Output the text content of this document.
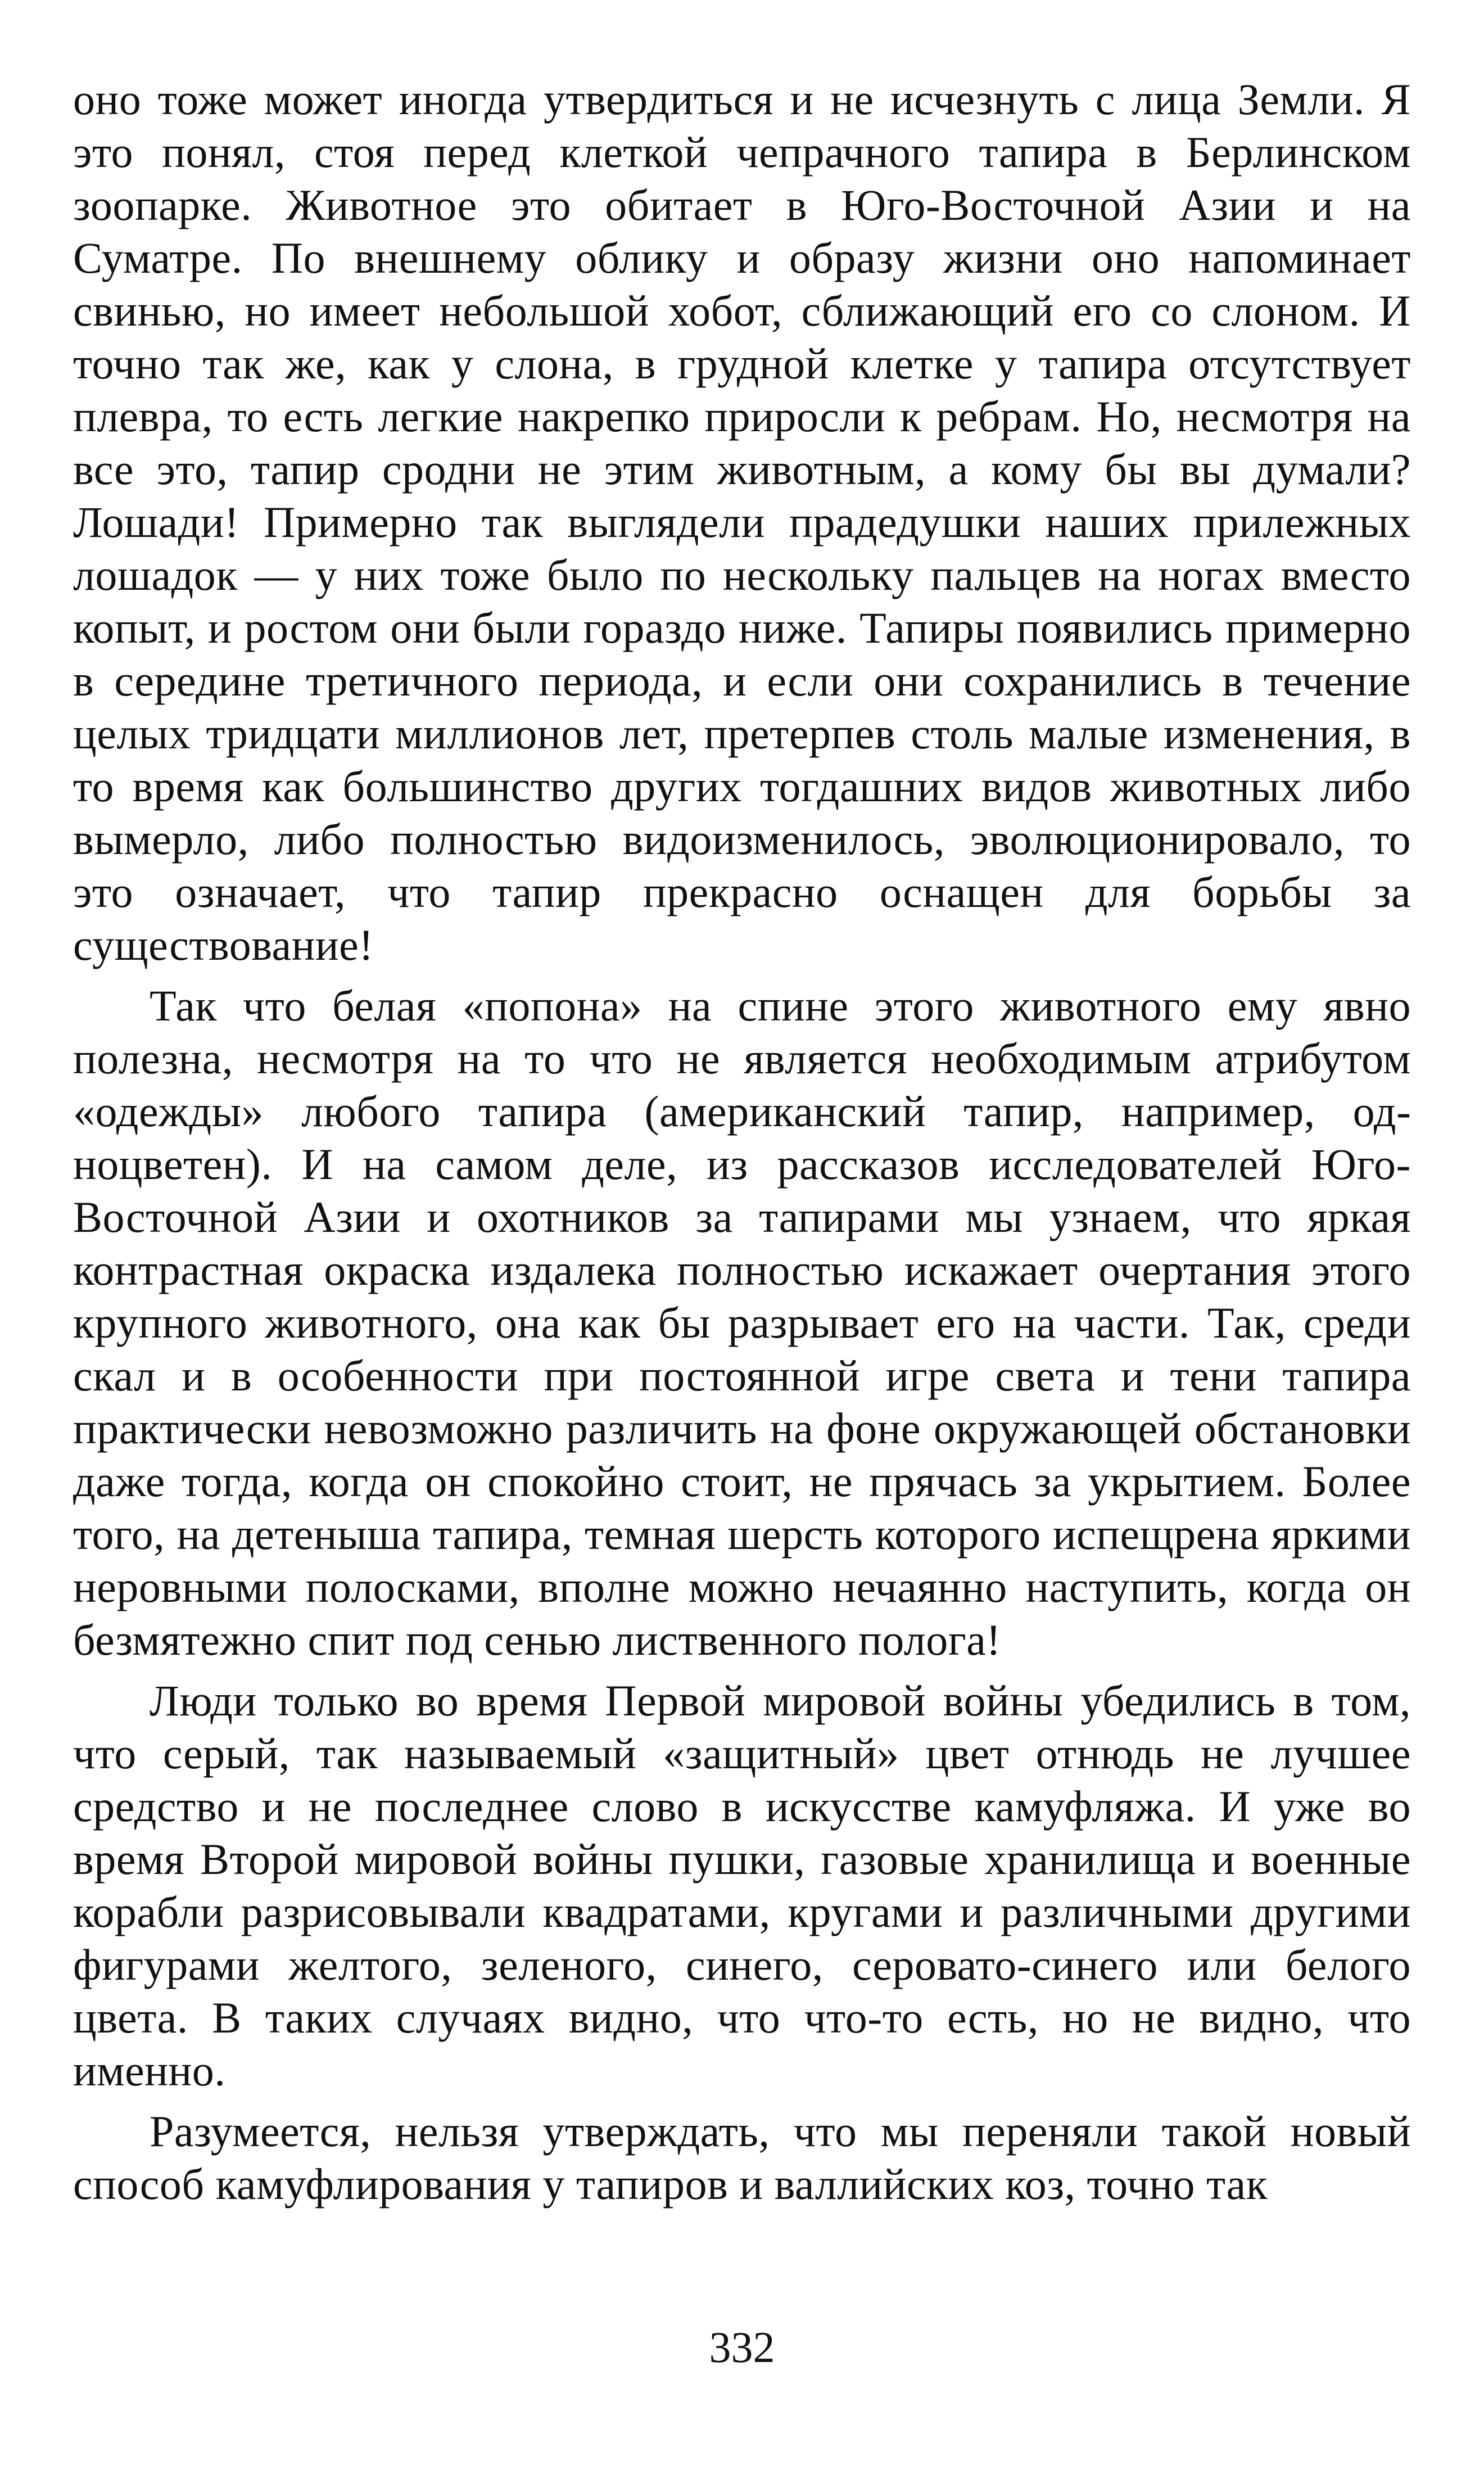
оно тоже может иногда утвердиться и не исчезнуть с лица Земли. Я это понял, стоя перед клеткой чепрачного тапира в Берлинском зоопарке. Животное это обитает в Юго-Восточной Азии и на Суматре. По внешнему облику и образу жизни оно напоминает свинью, но имеет небольшой хобот, сближающий его со слоном. И точно так же, как у слона, в грудной клетке у тапира отсутствует плевра, то есть легкие накрепко приросли к ребрам. Но, несмотря на все это, тапир сродни не этим животным, а кому бы вы думали? Лошади! Примерно так выглядели прадедушки наших прилежных лошадок — у них тоже было по нескольку пальцев на ногах вместо копыт, и ростом они были гораздо ниже. Тапиры появились примерно в середине третичного периода, и если они сохранились в течение целых тридцати миллионов лет, претерпев столь малые изменения, в то время как большинство других тогдашних видов животных либо вымерло, либо полностью видоизменилось, эволюционировало, то это означает, что тапир прекрасно оснащен для борьбы за существование!

Так что белая «попона» на спине этого животного ему явно полезна, несмотря на то что не является необходимым атрибутом «одежды» любого тапира (американский тапир, например, одноцветен). И на самом деле, из рассказов исследователей Юго-Восточной Азии и охотников за тапирами мы узнаем, что яркая контрастная окраска издалека полностью искажает очертания этого крупного животного, она как бы разрывает его на части. Так, среди скал и в особенности при постоянной игре света и тени тапира практически невозможно различить на фоне окружающей обстановки даже тогда, когда он спокойно стоит, не прячась за укрытием. Более того, на детеныша тапира, темная шерсть которого испещрена яркими неровными полосками, вполне можно нечаянно наступить, когда он безмятежно спит под сенью лиственного полога!

Люди только во время Первой мировой войны убедились в том, что серый, так называемый «защитный» цвет отнюдь не лучшее средство и не последнее слово в искусстве камуфляжа. И уже во время Второй мировой войны пушки, газовые хранилища и военные корабли разрисовывали квадратами, кругами и различными другими фигурами желтого, зеленого, синего, серовато-синего или белого цвета. В таких случаях видно, что что-то есть, но не видно, что именно.

Разумеется, нельзя утверждать, что мы переняли такой новый способ камуфлирования у тапиров и валлийских коз, точно так

332
